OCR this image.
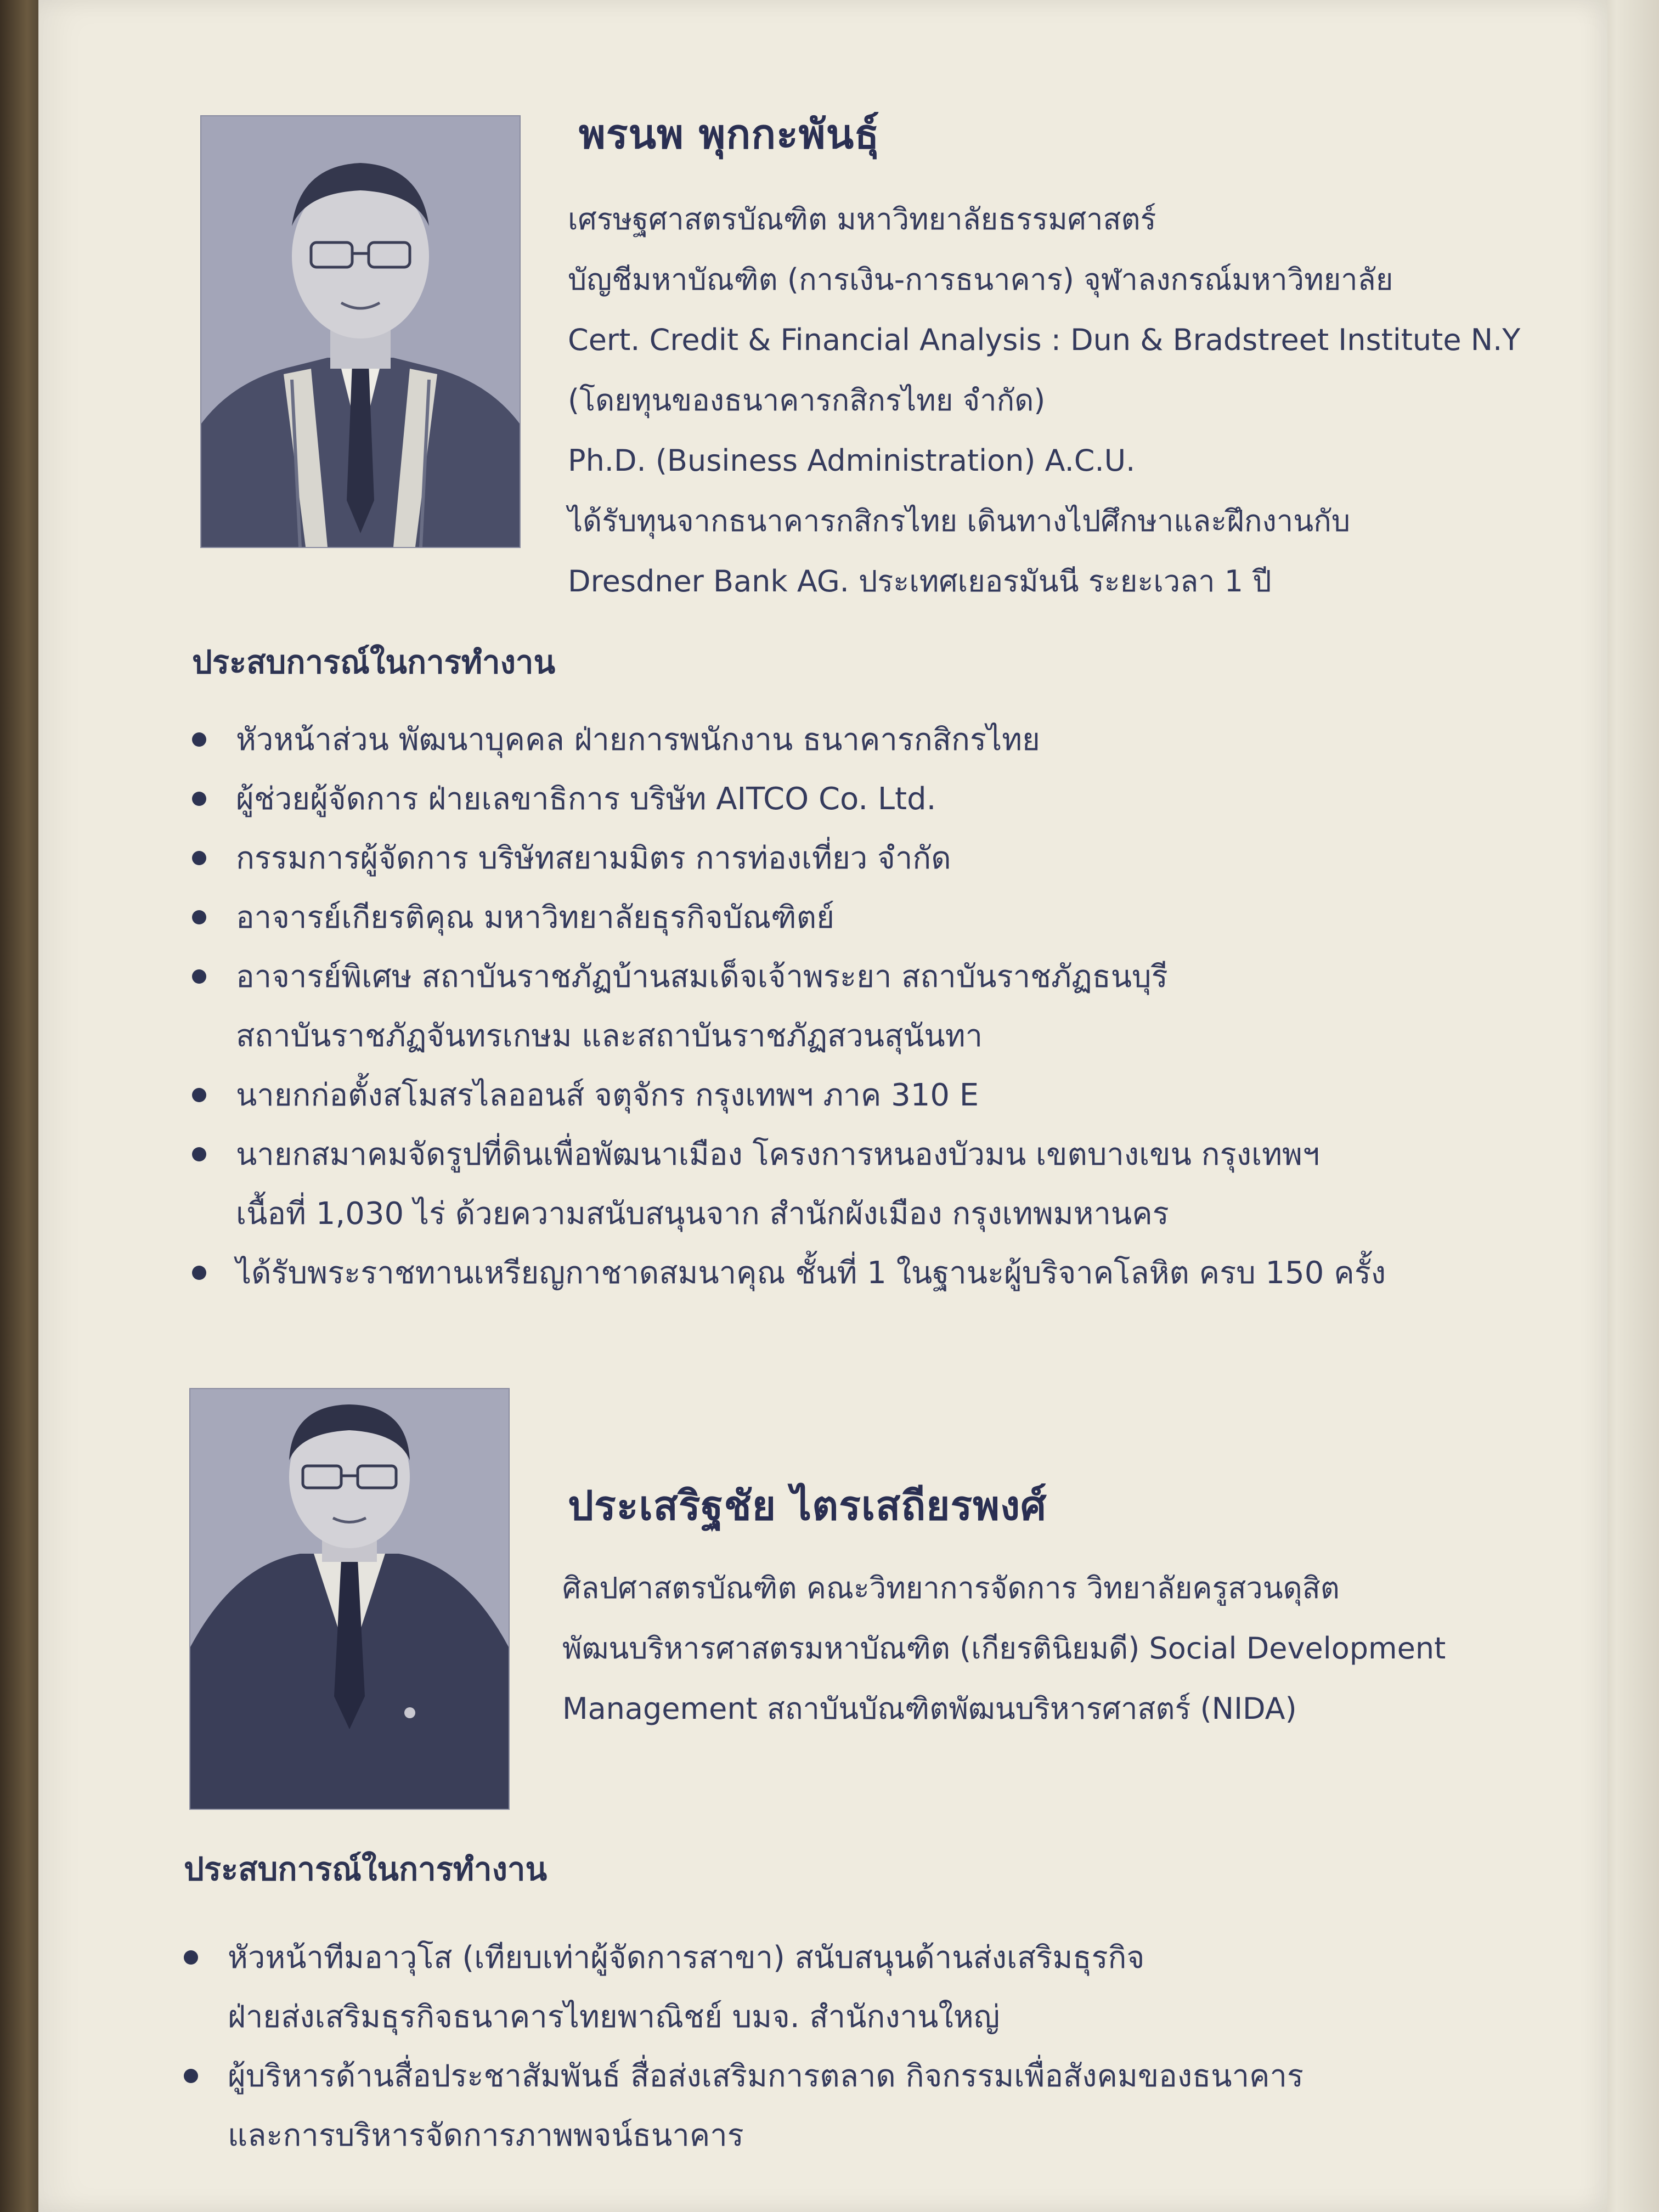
พรนพ พุกกะพันธุ์
เศรษฐศาสตรบัณฑิต มหาวิทยาลัยธรรมศาสตร์
บัญชีมหาบัณฑิต (การเงิน-การธนาคาร) จุฬาลงกรณ์มหาวิทยาลัย
Cert. Credit & Financial Analysis : Dun & Bradstreet Institute N.Y
(โดยทุนของธนาคารกสิกรไทย จำกัด)
Ph.D. (Business Administration) A.C.U.
ได้รับทุนจากธนาคารกสิกรไทย เดินทางไปศึกษาและฝึกงานกับ
Dresdner Bank AG. ประเทศเยอรมันนี ระยะเวลา 1 ปี
ประสบการณ์ในการทำงาน
หัวหน้าส่วน พัฒนาบุคคล ฝ่ายการพนักงาน ธนาคารกสิกรไทย
ผู้ช่วยผู้จัดการ ฝ่ายเลขาธิการ บริษัท AITCO Co. Ltd.
กรรมการผู้จัดการ บริษัทสยามมิตร การท่องเที่ยว จำกัด
อาจารย์เกียรติคุณ มหาวิทยาลัยธุรกิจบัณฑิตย์
อาจารย์พิเศษ สถาบันราชภัฏบ้านสมเด็จเจ้าพระยา สถาบันราชภัฏธนบุรี
สถาบันราชภัฏจันทรเกษม และสถาบันราชภัฏสวนสุนันทา
นายกก่อตั้งสโมสรไลออนส์ จตุจักร กรุงเทพฯ ภาค 310 E
นายกสมาคมจัดรูปที่ดินเพื่อพัฒนาเมือง โครงการหนองบัวมน เขตบางเขน กรุงเทพฯ
เนื้อที่ 1,030 ไร่ ด้วยความสนับสนุนจาก สำนักผังเมือง กรุงเทพมหานคร
ได้รับพระราชทานเหรียญกาชาดสมนาคุณ ชั้นที่ 1 ในฐานะผู้บริจาคโลหิต ครบ 150 ครั้ง
ประเสริฐชัย ไตรเสถียรพงศ์
ศิลปศาสตรบัณฑิต คณะวิทยาการจัดการ วิทยาลัยครูสวนดุสิต
พัฒนบริหารศาสตรมหาบัณฑิต (เกียรตินิยมดี) Social Development
Management สถาบันบัณฑิตพัฒนบริหารศาสตร์ (NIDA)
ประสบการณ์ในการทำงาน
หัวหน้าทีมอาวุโส (เทียบเท่าผู้จัดการสาขา) สนับสนุนด้านส่งเสริมธุรกิจ
ฝ่ายส่งเสริมธุรกิจธนาคารไทยพาณิชย์ บมจ. สำนักงานใหญ่
ผู้บริหารด้านสื่อประชาสัมพันธ์ สื่อส่งเสริมการตลาด กิจกรรมเพื่อสังคมของธนาคาร
และการบริหารจัดการภาพพจน์ธนาคาร
